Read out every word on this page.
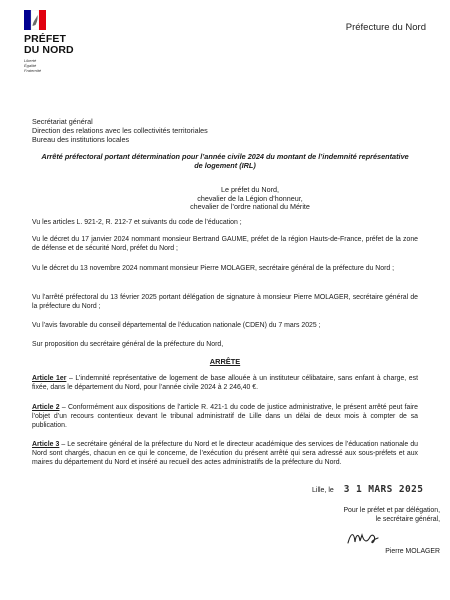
PRÉFET
DU NORD
Liberté
Égalité
Fraternité
Préfecture du Nord
Secrétariat général
Direction des relations avec les collectivités territoriales
Bureau des institutions locales
Arrêté préfectoral portant détermination pour l’année civile 2024 du montant de l’indemnité représentative de logement (IRL)
Le préfet du Nord,
chevalier de la Légion d’honneur,
chevalier de l’ordre national du Mérite
Vu les articles L. 921-2, R. 212-7 et suivants du code de l’éducation ;
Vu le décret du 17 janvier 2024 nommant monsieur Bertrand GAUME, préfet de la région Hauts-de-France, préfet de la zone de défense et de sécurité Nord, préfet du Nord ;
Vu le décret du 13 novembre 2024 nommant monsieur Pierre MOLAGER, secrétaire général de la préfecture du Nord ;
Vu l’arrêté préfectoral du 13 février 2025 portant délégation de signature à monsieur Pierre MOLAGER, secrétaire général de la préfecture du Nord ;
Vu l’avis favorable du conseil départemental de l’éducation nationale (CDEN) du 7 mars 2025 ;
Sur proposition du secrétaire général de la préfecture du Nord,
ARRÊTE
Article 1er – L’indemnité représentative de logement de base allouée à un instituteur célibataire, sans enfant à charge, est fixée, dans le département du Nord, pour l’année civile 2024 à 2 246,40 €.
Article 2 – Conformément aux dispositions de l’article R. 421-1 du code de justice administrative, le présent arrêté peut faire l’objet d’un recours contentieux devant le tribunal administratif de Lille dans un délai de deux mois à compter de sa publication.
Article 3 – Le secrétaire général de la préfecture du Nord et le directeur académique des services de l’éducation nationale du Nord sont chargés, chacun en ce qui le concerne, de l’exécution du présent arrêté qui sera adressé aux sous-préfets et aux maires du département du Nord et inséré au recueil des actes administratifs de la préfecture du Nord.
Lille, le 3 1 MARS 2025
Pour le préfet et par délégation,
le secrétaire général,
Pierre MOLAGER
